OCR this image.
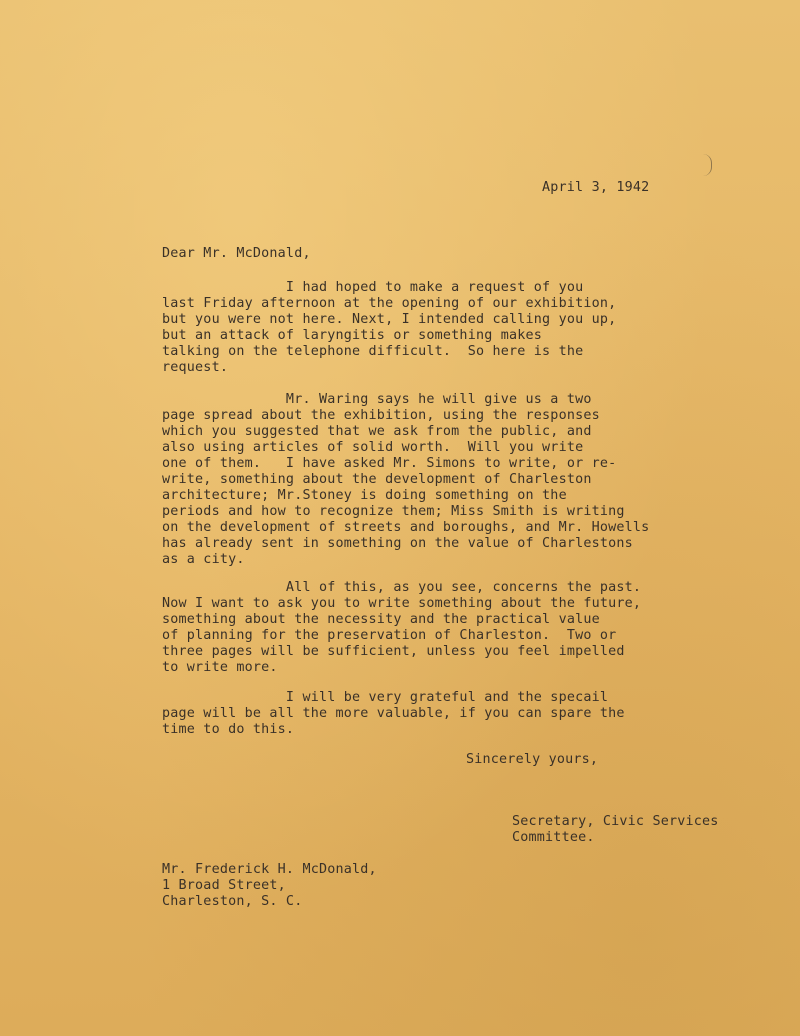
April 3, 1942
Dear Mr. McDonald,
I had hoped to make a request of you
last Friday afternoon at the opening of our exhibition,
but you were not here. Next, I intended calling you up,
but an attack of laryngitis or something makes
talking on the telephone difficult.  So here is the
request.
Mr. Waring says he will give us a two
page spread about the exhibition, using the responses
which you suggested that we ask from the public, and
also using articles of solid worth.  Will you write
one of them.   I have asked Mr. Simons to write, or re-
write, something about the development of Charleston
architecture; Mr.Stoney is doing something on the
periods and how to recognize them; Miss Smith is writing
on the development of streets and boroughs, and Mr. Howells
has already sent in something on the value of Charlestons
as a city.
All of this, as you see, concerns the past.
Now I want to ask you to write something about the future,
something about the necessity and the practical value
of planning for the preservation of Charleston.  Two or
three pages will be sufficient, unless you feel impelled
to write more.
I will be very grateful and the specail
page will be all the more valuable, if you can spare the
time to do this.
Sincerely yours,
Secretary, Civic Services
Committee.
Mr. Frederick H. McDonald,
1 Broad Street,
Charleston, S. C.
